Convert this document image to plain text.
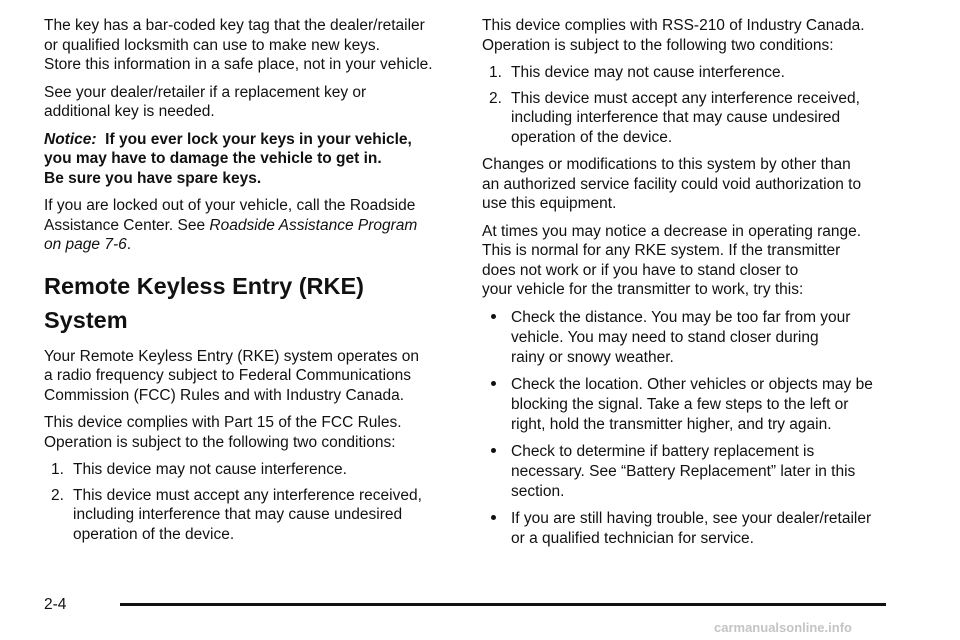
The key has a bar-coded key tag that the dealer/retailer
or qualified locksmith can use to make new keys.
Store this information in a safe place, not in your vehicle.
See your dealer/retailer if a replacement key or
additional key is needed.
Notice: If you ever lock your keys in your vehicle,
you may have to damage the vehicle to get in.
Be sure you have spare keys.
If you are locked out of your vehicle, call the Roadside
Assistance Center. See Roadside Assistance Program
on page 7-6.
Remote Keyless Entry (RKE)
System
Your Remote Keyless Entry (RKE) system operates on
a radio frequency subject to Federal Communications
Commission (FCC) Rules and with Industry Canada.
This device complies with Part 15 of the FCC Rules.
Operation is subject to the following two conditions:
1. This device may not cause interference.
2. This device must accept any interference received,
including interference that may cause undesired
operation of the device.
This device complies with RSS-210 of Industry Canada.
Operation is subject to the following two conditions:
1. This device may not cause interference.
2. This device must accept any interference received,
including interference that may cause undesired
operation of the device.
Changes or modifications to this system by other than
an authorized service facility could void authorization to
use this equipment.
At times you may notice a decrease in operating range.
This is normal for any RKE system. If the transmitter
does not work or if you have to stand closer to
your vehicle for the transmitter to work, try this:
Check the distance. You may be too far from your
vehicle. You may need to stand closer during
rainy or snowy weather.
Check the location. Other vehicles or objects may be
blocking the signal. Take a few steps to the left or
right, hold the transmitter higher, and try again.
Check to determine if battery replacement is
necessary. See “Battery Replacement” later in this
section.
If you are still having trouble, see your dealer/retailer
or a qualified technician for service.
2-4
carmanualsonline.info
